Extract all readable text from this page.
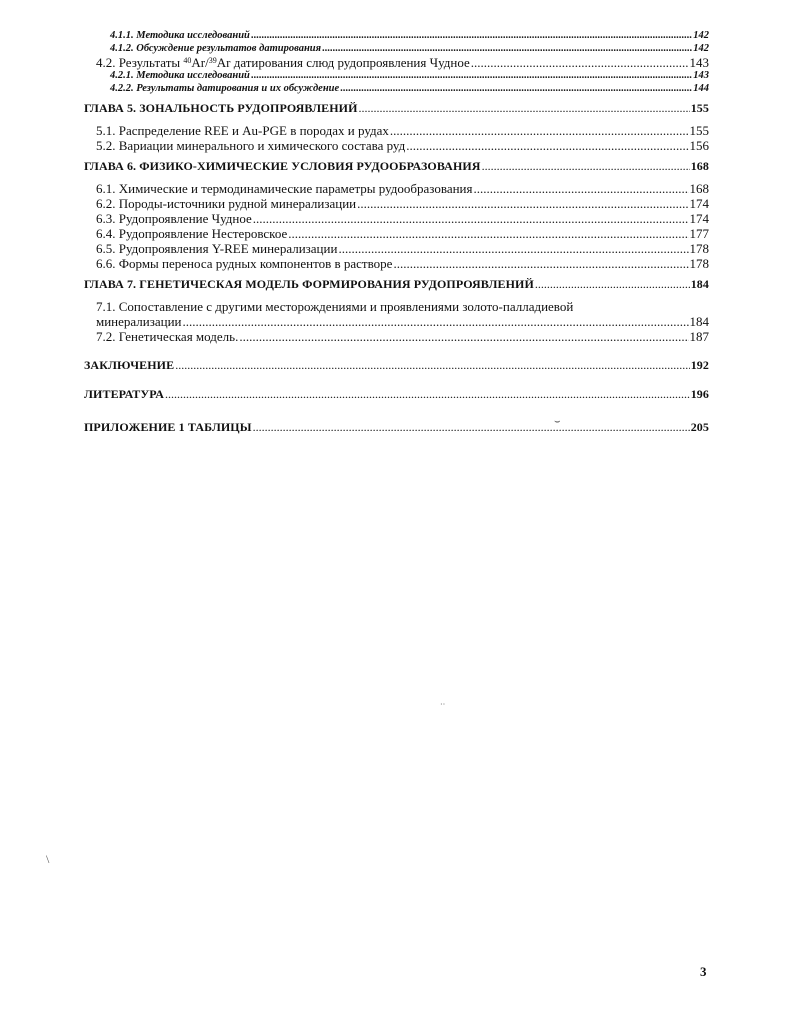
4.1.1. Методика исследований .....	142
4.1.2. Обсуждение результатов датирования .....	142
4.2. Результаты $^{40}$Ar/$^{39}$Ar датирования слюд рудопроявления Чудное .....	143
4.2.1. Методика исследований .....	143
4.2.2. Результаты датирования и их обсуждение .....	144
ГЛАВА 5. ЗОНАЛЬНОСТЬ РУДОПРОЯВЛЕНИЙ .....	155
5.1. Распределение REE и Au-PGE в породах и рудах .....	155
5.2. Вариации минерального и химического состава руд .....	156
ГЛАВА 6. ФИЗИКО-ХИМИЧЕСКИЕ УСЛОВИЯ РУДООБРАЗОВАНИЯ .....	168
6.1. Химические и термодинамические параметры рудообразования .....	168
6.2. Породы-источники рудной минерализации .....	174
6.3. Рудопроявление Чудное .....	174
6.4. Рудопроявление Нестеровское .....	177
6.5. Рудопроявления Y-REE минерализации .....	178
6.6. Формы переноса рудных компонентов в растворе .....	178
ГЛАВА 7. ГЕНЕТИЧЕСКАЯ МОДЕЛЬ ФОРМИРОВАНИЯ РУДОПРОЯВЛЕНИЙ .....	184
7.1. Сопоставление с другими месторождениями и проявлениями золото-палладиевой
минерализации .....	184
7.2. Генетическая модель. .....	187
ЗАКЛЮЧЕНИЕ .....	192
ЛИТЕРАТУРА .....	196
ПРИЛОЖЕНИЕ 1 ТАБЛИЦЫ .....	205
⌣
\
··
3
